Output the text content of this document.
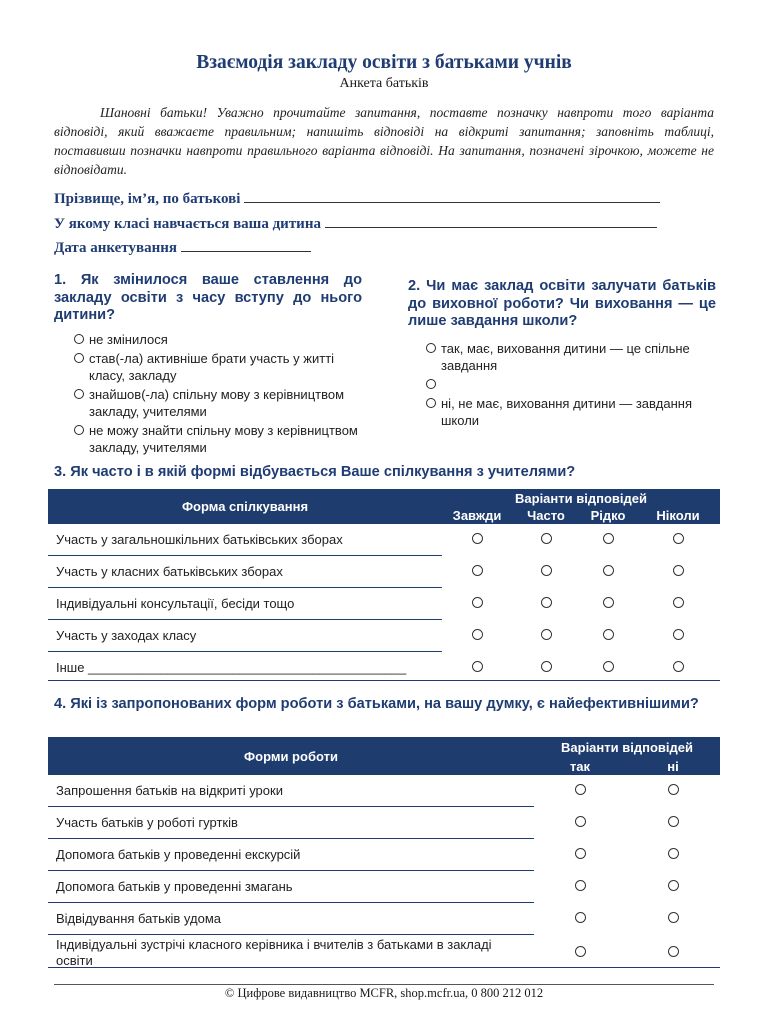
Взаємодія закладу освіти з батьками учнів
Анкета батьків
Шановні батьки! Уважно прочитайте запитання, поставте позначку навпроти того варіанта відповіді, який вважаєте правильним; напишіть відповіді на відкриті запитання; заповніть таблиці, поставивши позначки навпроти правильного варіанта відповіді. На запитання, позначені зірочкою, можете не відповідати.
Прізвище, ім’я, по батькові
У якому класі навчається ваша дитина
Дата анкетування
1. Як змінилося ваше ставлення до закладу освіти з часу вступу до нього дитини?
не змінилося
став(-ла) активніше брати участь у житті класу, закладу
знайшов(-ла) спільну мову з керівництвом закладу, учителями
не можу знайти спільну мову з керівництвом закладу, учителями
2. Чи має заклад освіти залучати батьків до виховної роботи? Чи виховання — це лише завдання школи?
так, має, виховання дитини — це спільне завдання
ні, не має, виховання дитини — завдання школи
3. Як часто і в якій формі відбувається Ваше спілкування з учителями?
Форма спілкування	Варіанти відповідей			
	Завжди	Часто	Рідко	Ніколи
Участь у загальношкільних батьківських зборах				
Участь у класних батьківських зборах				
Індивідуальні консультації, бесіди тощо				
Участь у заходах класу				
Інше ____________________________________________				
4. Які із запропонованих форм роботи з батьками, на вашу думку, є найефективнішими?
Форми роботи	Варіанти відповідей	
	так	ні
Запрошення батьків на відкриті уроки		
Участь батьків у роботі гуртків		
Допомога батьків у проведенні екскурсій		
Допомога батьків у проведенні змагань		
Відвідування батьків удома		
Індивідуальні зустрічі класного керівника і вчителів з батьками в закладі освіти		
© Цифрове видавництво MCFR, shop.mcfr.ua, 0 800 212 012
